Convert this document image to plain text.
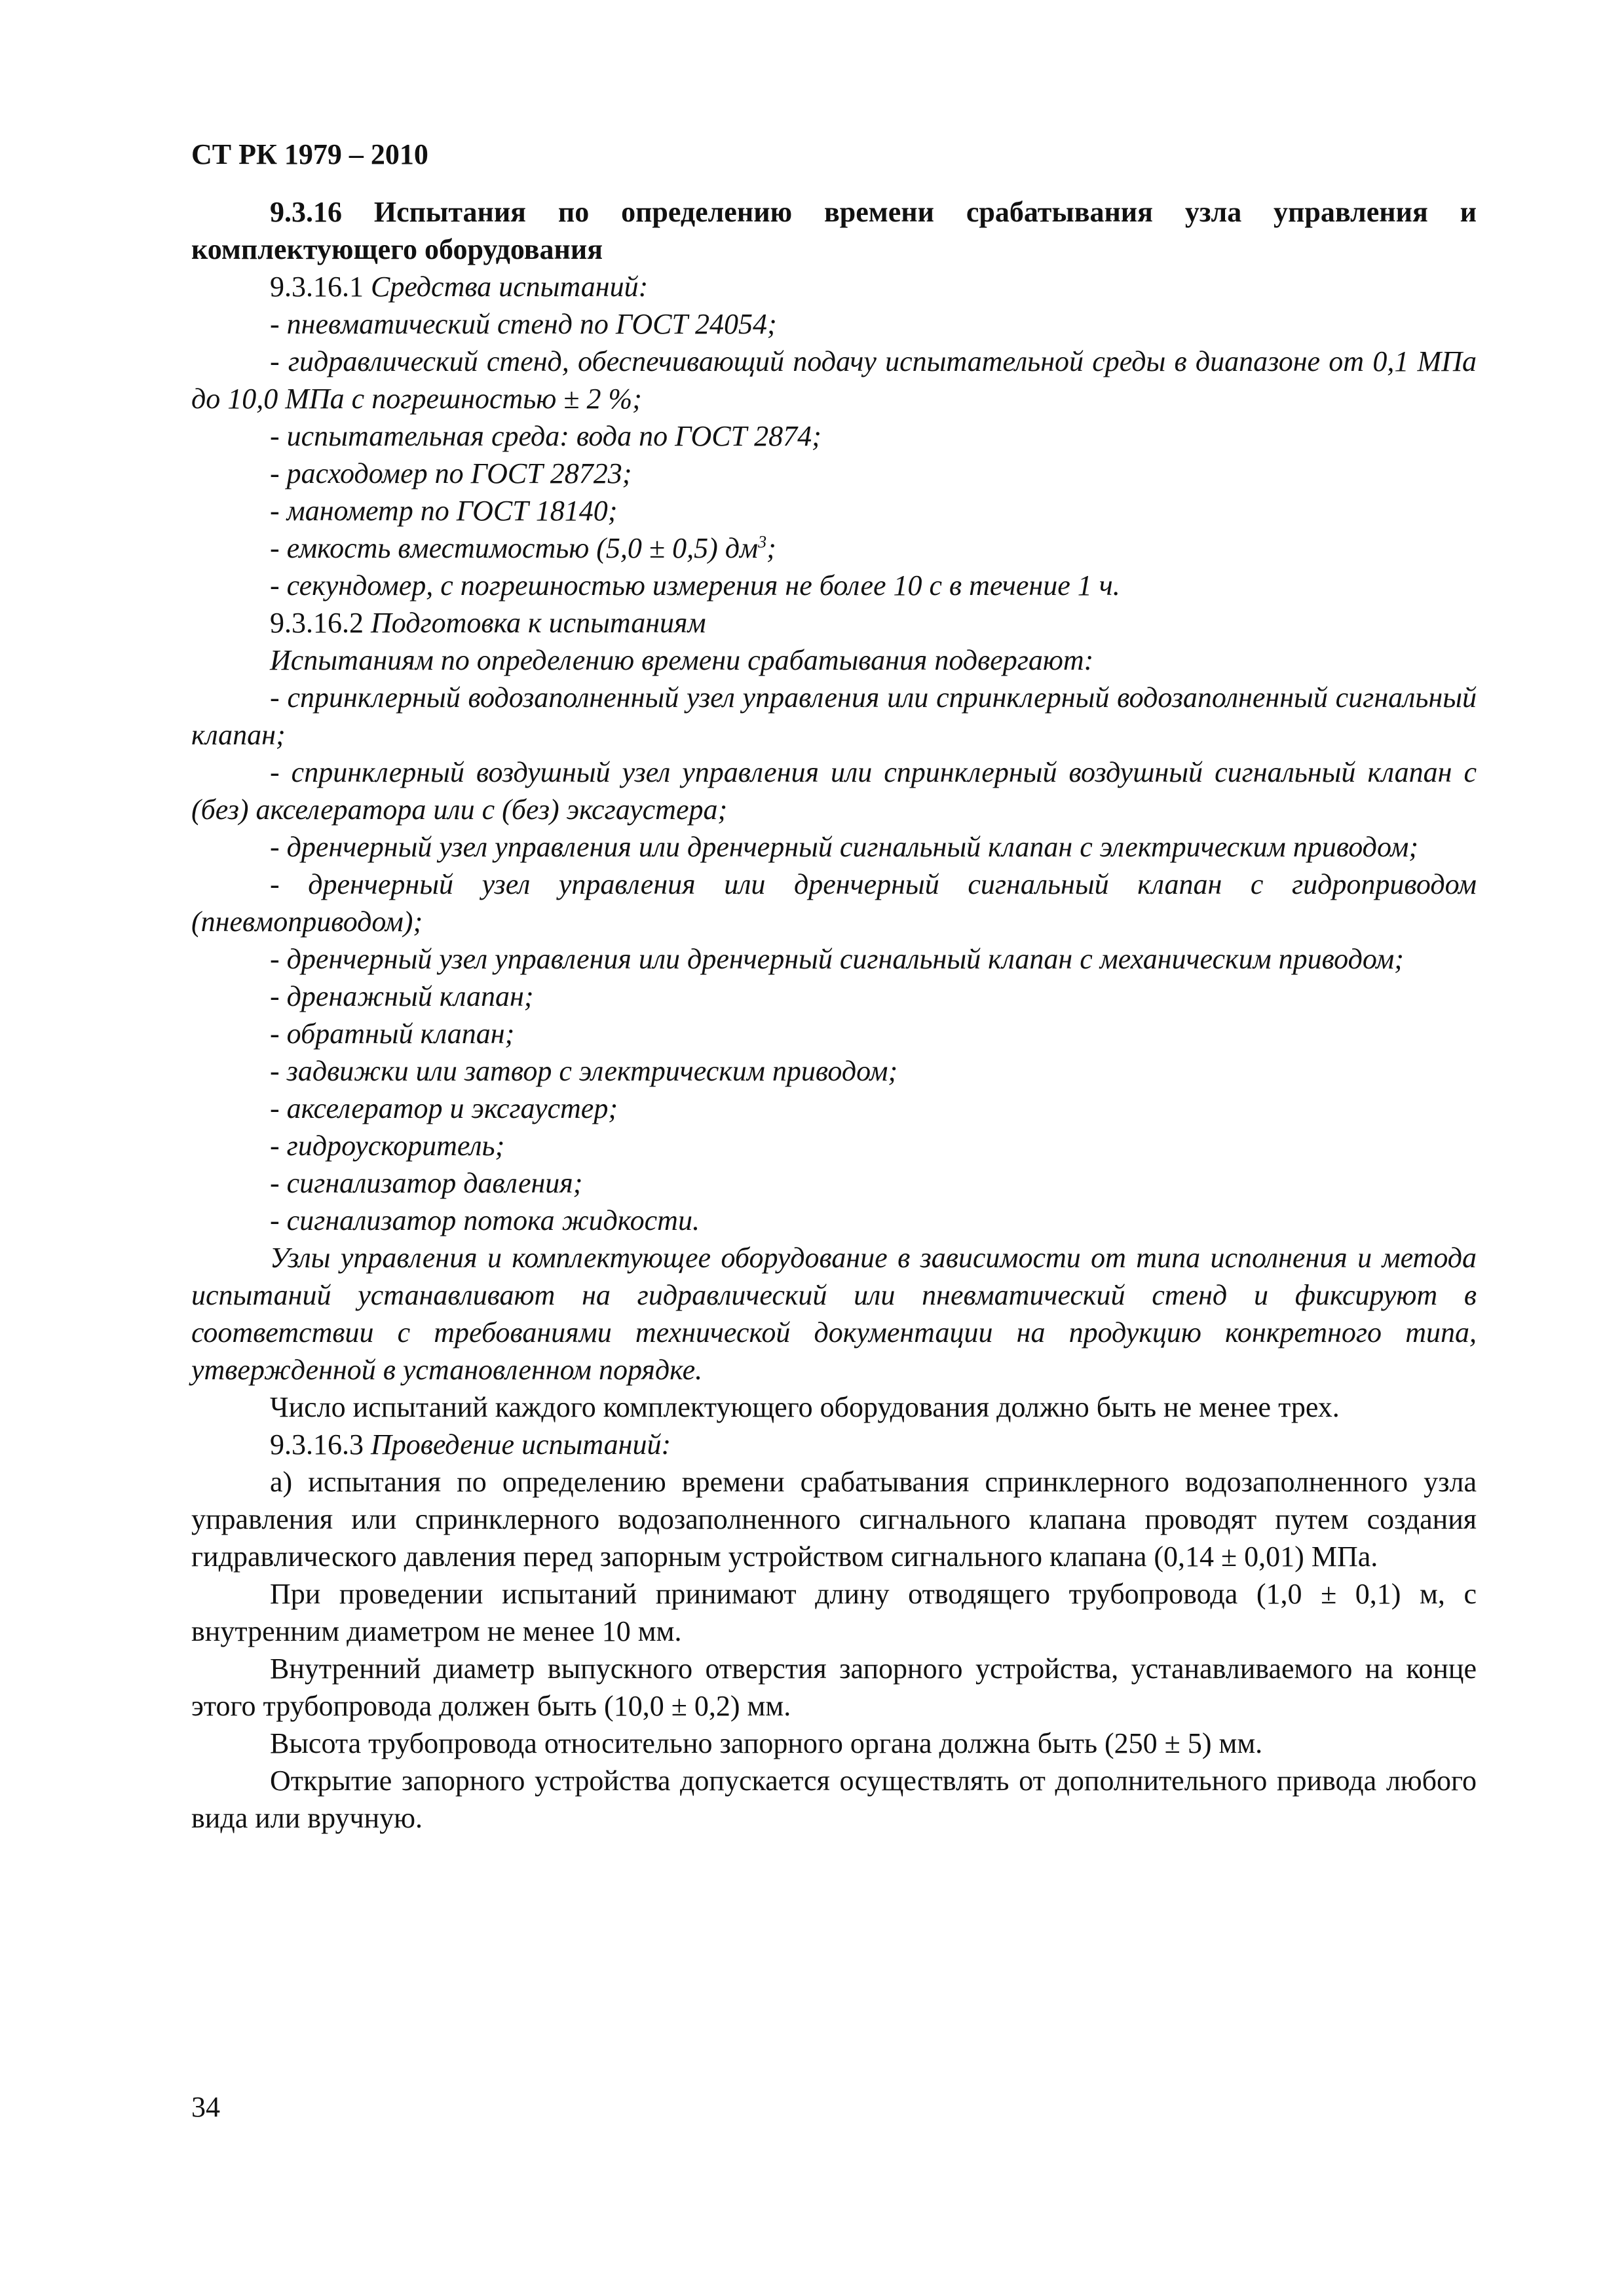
СТ РК 1979 – 2010

9.3.16 Испытания по определению времени срабатывания узла управления и комплектующего оборудования

9.3.16.1 Средства испытаний:

- пневматический стенд по ГОСТ 24054;

- гидравлический стенд, обеспечивающий подачу испытательной среды в диапазоне от 0,1 МПа до 10,0 МПа с погрешностью ± 2 %;

- испытательная среда: вода по ГОСТ 2874;

- расходомер по ГОСТ 28723;

- манометр по ГОСТ 18140;

- емкость вместимостью (5,0 ± 0,5) $дм^3$;

- секундомер, с погрешностью измерения не более 10 с в течение 1 ч.

9.3.16.2 Подготовка к испытаниям

Испытаниям по определению времени срабатывания подвергают:

- спринклерный водозаполненный узел управления или спринклерный водозаполненный сигнальный клапан;

- спринклерный воздушный узел управления или спринклерный воздушный сигнальный клапан с (без) акселератора или с (без) эксгаустера;

- дренчерный узел управления или дренчерный сигнальный клапан с электрическим приводом;

- дренчерный узел управления или дренчерный сигнальный клапан с гидроприводом (пневмоприводом);

- дренчерный узел управления или дренчерный сигнальный клапан с механическим приводом;

- дренажный клапан;

- обратный клапан;

- задвижки или затвор с электрическим приводом;

- акселератор и эксгаустер;

- гидроускоритель;

- сигнализатор давления;

- сигнализатор потока жидкости.

Узлы управления и комплектующее оборудование в зависимости от типа исполнения и метода испытаний устанавливают на гидравлический или пневматический стенд и фиксируют в соответствии с требованиями технической документации на продукцию конкретного типа, утвержденной в установленном порядке.

Число испытаний каждого комплектующего оборудования должно быть не менее трех.

9.3.16.3 Проведение испытаний:

а) испытания по определению времени срабатывания спринклерного водозаполненного узла управления или спринклерного водозаполненного сигнального клапана проводят путем создания гидравлического давления перед запорным устройством сигнального клапана (0,14 ± 0,01) МПа.

При проведении испытаний принимают длину отводящего трубопровода (1,0 ± 0,1) м, с внутренним диаметром не менее 10 мм.

Внутренний диаметр выпускного отверстия запорного устройства, устанавливаемого на конце этого трубопровода должен быть (10,0 ± 0,2) мм.

Высота трубопровода относительно запорного органа должна быть (250 ± 5) мм.

Открытие запорного устройства допускается осуществлять от дополнительного привода любого вида или вручную.

34
